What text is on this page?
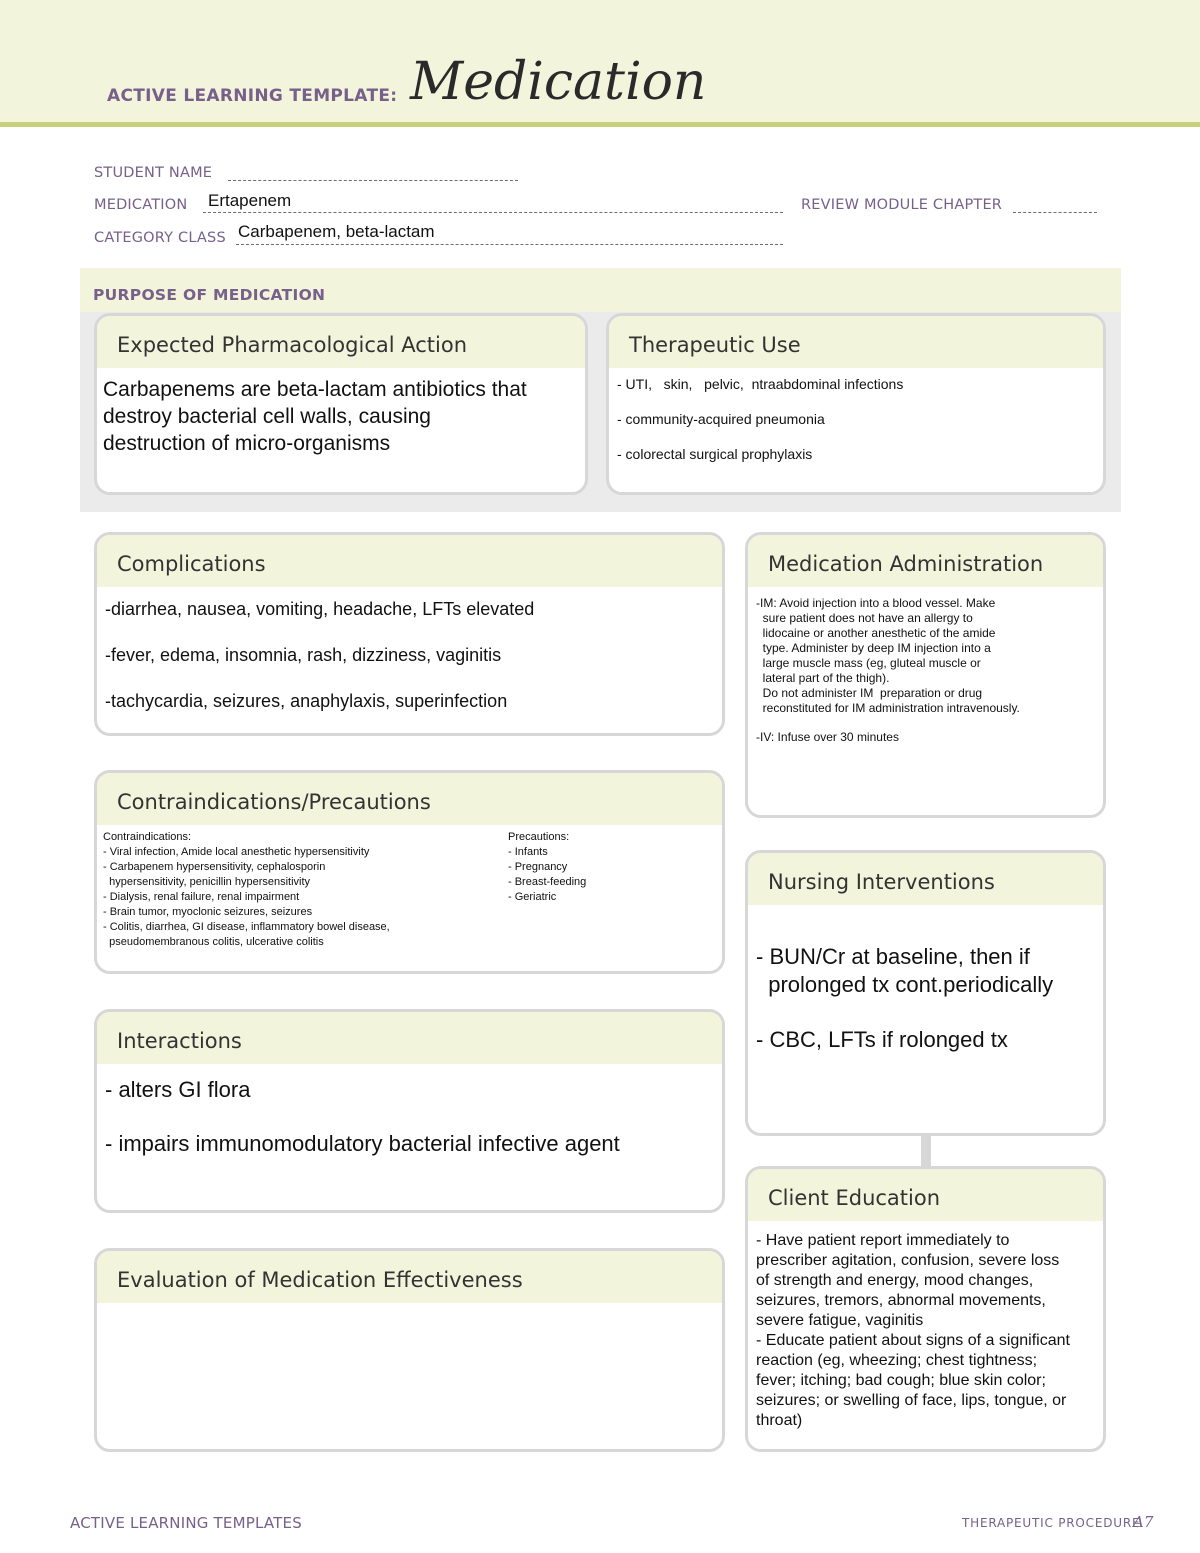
ACTIVE LEARNING TEMPLATE: Medication
STUDENT NAME
MEDICATION Ertapenem	REVIEW MODULE CHAPTER
CATEGORY CLASS Carbapenem, beta-lactam
PURPOSE OF MEDICATION
Expected Pharmacological Action
Carbapenems are beta-lactam antibiotics that
destroy bacterial cell walls, causing
destruction of micro-organisms
Therapeutic Use
- UTI,   skin,   pelvic,  ntraabdominal infections
- community-acquired pneumonia
- colorectal surgical prophylaxis
Complications
-diarrhea, nausea, vomiting, headache, LFTs elevated
-fever, edema, insomnia, rash, dizziness, vaginitis
-tachycardia, seizures, anaphylaxis, superinfection
Medication Administration
-IM: Avoid injection into a blood vessel. Make
sure patient does not have an allergy to
lidocaine or another anesthetic of the amide
type. Administer by deep IM injection into a
large muscle mass (eg, gluteal muscle or
lateral part of the thigh).
Do not administer IM  preparation or drug
reconstituted for IM administration intravenously.
-IV: Infuse over 30 minutes
Contraindications/Precautions
Contraindications:
- Viral infection, Amide local anesthetic hypersensitivity
- Carbapenem hypersensitivity, cephalosporin
hypersensitivity, penicillin hypersensitivity
- Dialysis, renal failure, renal impairment
- Brain tumor, myoclonic seizures, seizures
- Colitis, diarrhea, GI disease, inflammatory bowel disease,
pseudomembranous colitis, ulcerative colitis
Precautions:
- Infants
- Pregnancy
- Breast-feeding
- Geriatric
Nursing Interventions
- BUN/Cr at baseline, then if
prolonged tx cont.periodically
- CBC, LFTs if rolonged tx
Interactions
- alters GI flora
- impairs immunomodulatory bacterial infective agent
Client Education
- Have patient report immediately to
prescriber agitation, confusion, severe loss
of strength and energy, mood changes,
seizures, tremors, abnormal movements,
severe fatigue, vaginitis
- Educate patient about signs of a significant
reaction (eg, wheezing; chest tightness;
fever; itching; bad cough; blue skin color;
seizures; or swelling of face, lips, tongue, or
throat)
Evaluation of Medication Effectiveness
ACTIVE LEARNING TEMPLATES	THERAPEUTIC PROCEDURE
A7
